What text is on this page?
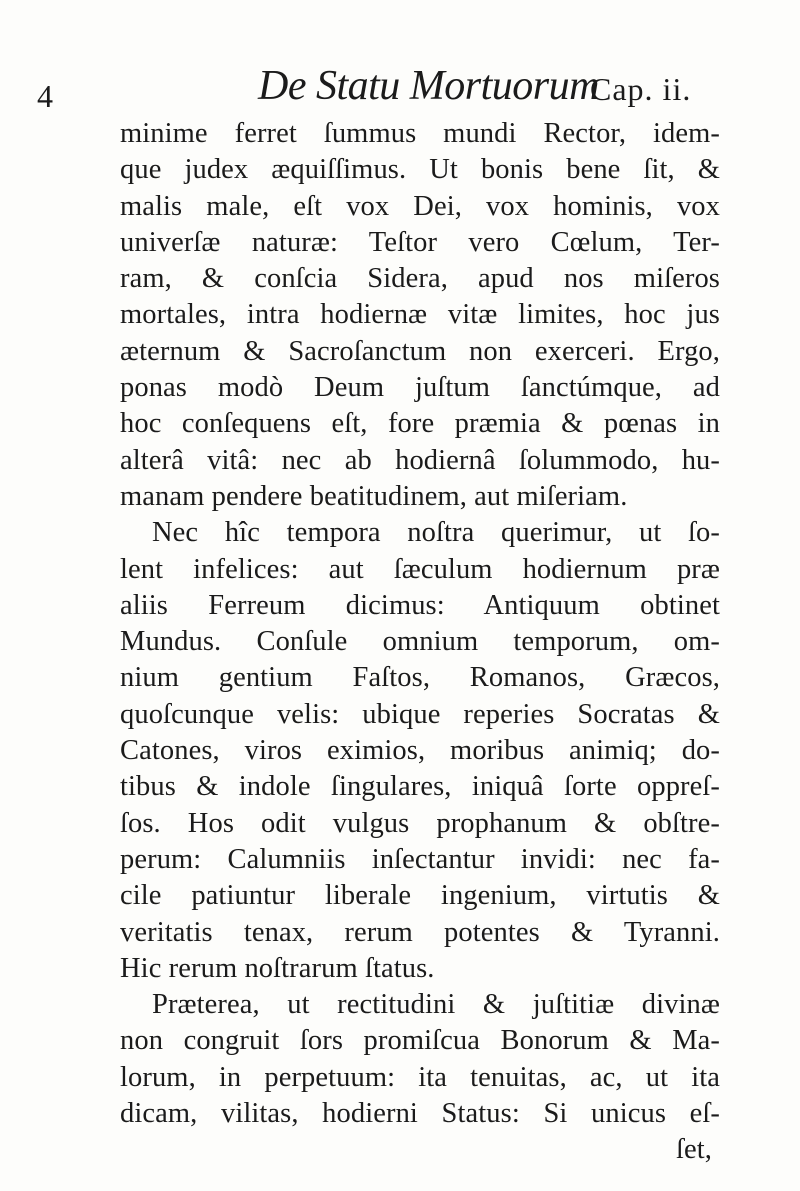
4	De Statu Mortuorum
Cap. ii.
minime ferret ſummus mundi Rector, idem-
que judex æquiſſimus. Ut bonis bene ſit, &
malis male, eſt vox Dei, vox hominis, vox
univerſæ naturæ: Teſtor vero Cœlum, Ter-
ram, & conſcia Sidera, apud nos miſeros
mortales, intra hodiernæ vitæ limites, hoc jus
æternum & Sacroſanctum non exerceri. Ergo,
ponas modò Deum juſtum ſanctúmque, ad
hoc conſequens eſt, fore præmia & pœnas in
alterâ vitâ: nec ab hodiernâ ſolummodo, hu-
manam pendere beatitudinem, aut miſeriam.
Nec hîc tempora noſtra querimur, ut ſo-
lent infelices: aut ſæculum hodiernum præ
aliis Ferreum dicimus: Antiquum obtinet
Mundus. Conſule omnium temporum, om-
nium gentium Faſtos, Romanos, Græcos,
quoſcunque velis: ubique reperies Socratas &
Catones, viros eximios, moribus animiq; do-
tibus & indole ſingulares, iniquâ ſorte oppreſ-
ſos. Hos odit vulgus prophanum & obſtre-
perum: Calumniis inſectantur invidi: nec fa-
cile patiuntur liberale ingenium, virtutis &
veritatis tenax, rerum potentes & Tyranni.
Hic rerum noſtrarum ſtatus.
Præterea, ut rectitudini & juſtitiæ divinæ
non congruit ſors promiſcua Bonorum & Ma-
lorum, in perpetuum: ita tenuitas, ac, ut ita
dicam, vilitas, hodierni Status: Si unicus eſ-
ſet,
